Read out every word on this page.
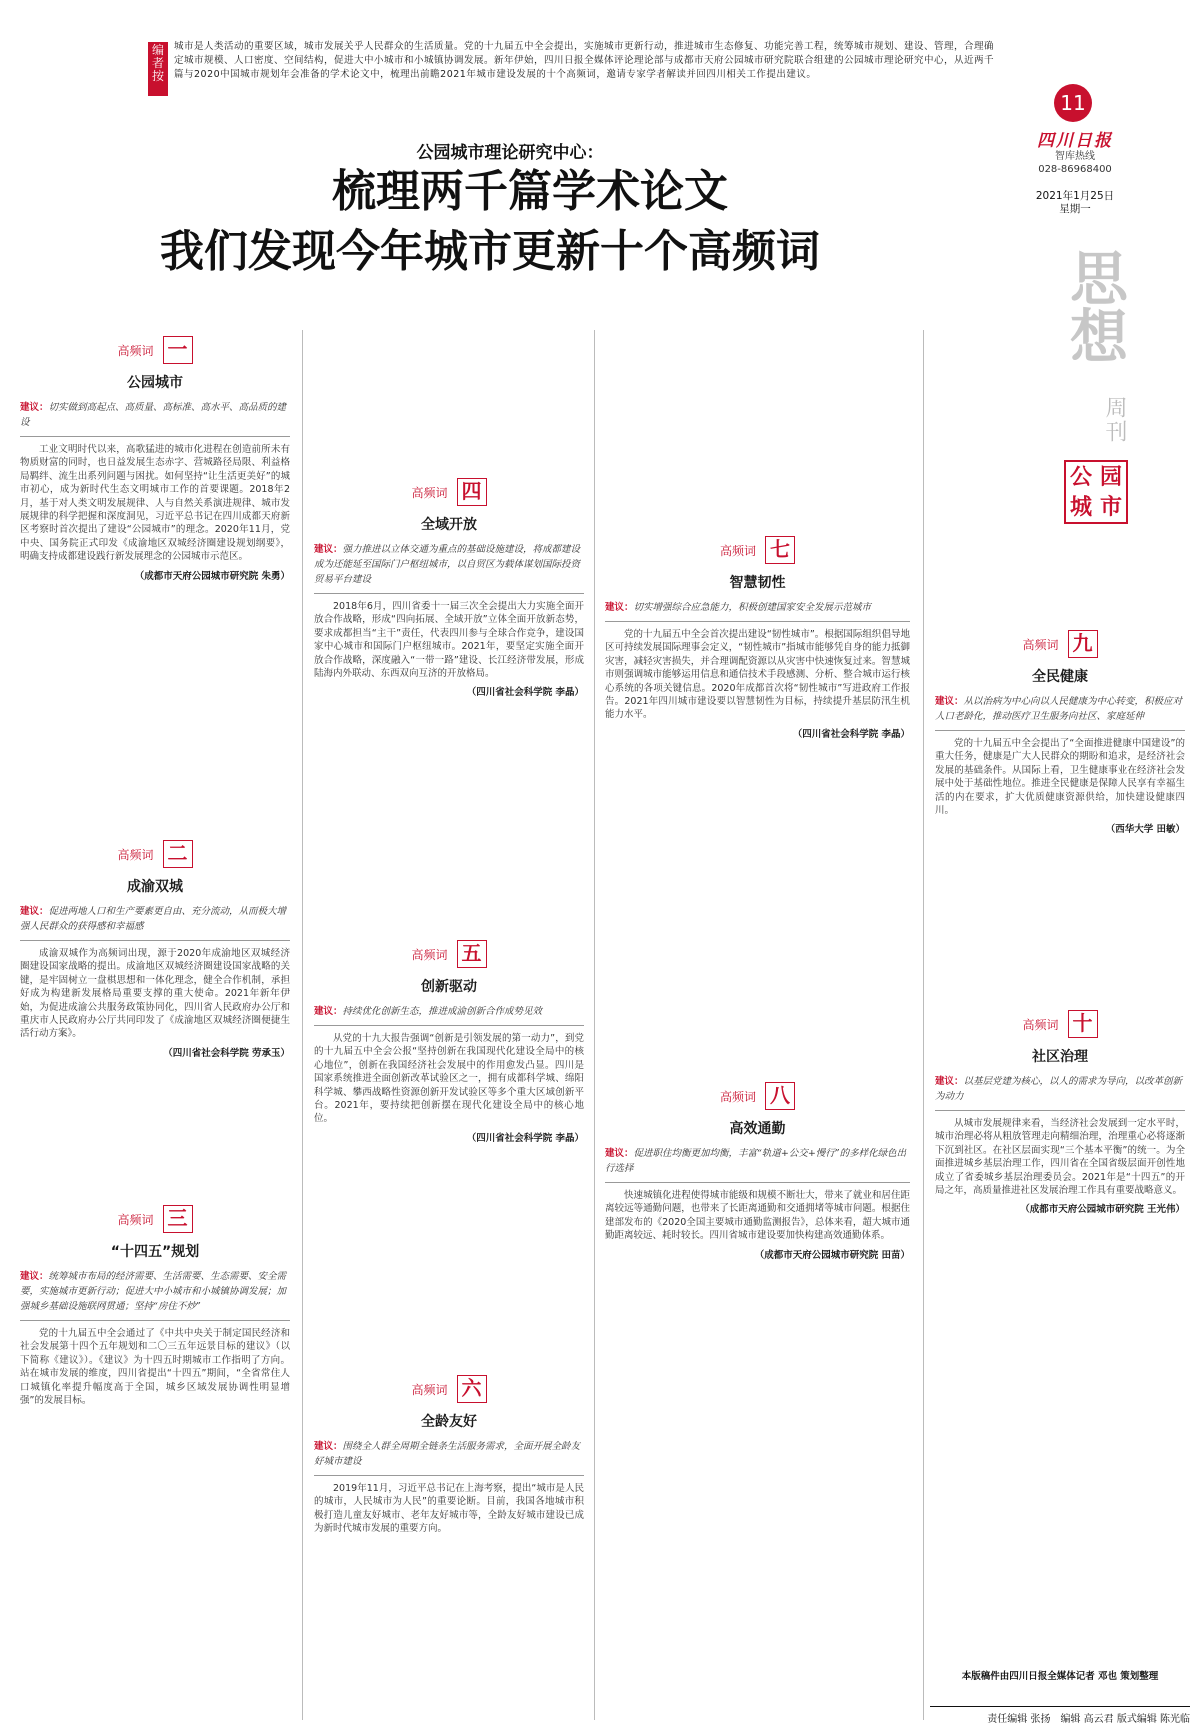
编者按
城市是人类活动的重要区域，城市发展关乎人民群众的生活质量。党的十九届五中全会提出，实施城市更新行动，推进城市生态修复、功能完善工程，统筹城市规划、建设、管理，合理确定城市规模、人口密度、空间结构，促进大中小城市和小城镇协调发展。新年伊始，四川日报全媒体评论理论部与成都市天府公园城市研究院联合组建的公园城市理论研究中心，从近两千篇与2020中国城市规划年会准备的学术论文中，梳理出前瞻2021年城市建设发展的十个高频词，邀请专家学者解读并回四川相关工作提出建议。
11
四川日报
智库热线
028-86968400
2021年1月25日
星期一
思想
周刊
公 园
城 市
公园城市理论研究中心：
梳理两千篇学术论文
我们发现今年城市更新十个高频词
高频词 一
公园城市
建议：切实做到高起点、高质量、高标准、高水平、高品质的建设
工业文明时代以来，高歌猛进的城市化进程在创造前所未有物质财富的同时，也日益发展生态赤字、营城路径局限、利益格局羁绊、流生出系列问题与困扰。如何坚持“让生活更美好”的城市初心，成为新时代生态文明城市工作的首要课题。2018年2月，基于对人类文明发展规律、人与自然关系演进规律、城市发展规律的科学把握和深度洞见，习近平总书记在四川成都天府新区考察时首次提出了建设“公园城市”的理念。2020年11月，党中央、国务院正式印发《成渝地区双城经济圈建设规划纲要》，明确支持成都建设践行新发展理念的公园城市示范区。
（成都市天府公园城市研究院 朱勇）
高频词 二
成渝双城
建议：促进两地人口和生产要素更自由、充分流动，从而极大增强人民群众的获得感和幸福感
成渝双城作为高频词出现，源于2020年成渝地区双城经济圈建设国家战略的提出。成渝地区双城经济圈建设国家战略的关键，是牢固树立一盘棋思想和一体化理念，健全合作机制，承担好成为构建新发展格局重要支撑的重大使命。2021年新年伊始，为促进成渝公共服务政策协同化，四川省人民政府办公厅和重庆市人民政府办公厅共同印发了《成渝地区双城经济圈便捷生活行动方案》。
（四川省社会科学院 劳承玉）
高频词 三
“十四五”规划
建议：统筹城市布局的经济需要、生活需要、生态需要、安全需要，实施城市更新行动；促进大中小城市和小城镇协调发展；加强城乡基础设施联网贯通；坚持“房住不炒”
党的十九届五中全会通过了《中共中央关于制定国民经济和社会发展第十四个五年规划和二〇三五年远景目标的建议》（以下简称《建议》）。《建议》为十四五时期城市工作指明了方向。站在城市发展的维度，四川省提出“十四五”期间，“全省常住人口城镇化率提升幅度高于全国，城乡区域发展协调性明显增强”的发展目标。
高频词 四
全域开放
建议：强力推进以立体交通为重点的基础设施建设，将成都建设成为还能延至国际门户枢纽城市，以自贸区为载体谋划国际投资贸易平台建设
2018年6月，四川省委十一届三次全会提出大力实施全面开放合作战略，形成“四向拓展、全域开放”立体全面开放新态势，要求成都担当“主干”责任，代表四川参与全球合作竞争，建设国家中心城市和国际门户枢纽城市。2021年，要坚定实施全面开放合作战略，深度融入“一带一路”建设、长江经济带发展，形成陆海内外联动、东西双向互济的开放格局。
（四川省社会科学院 李晶）
高频词 五
创新驱动
建议：持续优化创新生态，推进成渝创新合作成势见效
从党的十九大报告强调“创新是引领发展的第一动力”，到党的十九届五中全会公报“坚持创新在我国现代化建设全局中的核心地位”，创新在我国经济社会发展中的作用愈发凸显。四川是国家系统推进全面创新改革试验区之一，拥有成都科学城、绵阳科学城、攀西战略性资源创新开发试验区等多个重大区域创新平台。2021年，要持续把创新摆在现代化建设全局中的核心地位。
（四川省社会科学院 李晶）
高频词 六
全龄友好
建议：围绕全人群全周期全链条生活服务需求，全面开展全龄友好城市建设
2019年11月，习近平总书记在上海考察，提出“城市是人民的城市，人民城市为人民”的重要论断。目前，我国各地城市积极打造儿童友好城市、老年友好城市等，全龄友好城市建设已成为新时代城市发展的重要方向。
高频词 七
智慧韧性
建议：切实增强综合应急能力，积极创建国家安全发展示范城市
党的十九届五中全会首次提出建设“韧性城市”。根据国际组织倡导地区可持续发展国际理事会定义，“韧性城市”指城市能够凭自身的能力抵御灾害，减轻灾害损失，并合理调配资源以从灾害中快速恢复过来。智慧城市则强调城市能够运用信息和通信技术手段感测、分析、整合城市运行核心系统的各项关键信息。2020年成都首次将“韧性城市”写进政府工作报告。2021年四川城市建设要以智慧韧性为目标，持续提升基层防汛生机能力水平。
（四川省社会科学院 李晶）
高频词 八
高效通勤
建议：促进职住均衡更加均衡，丰富“轨道+公交+慢行”的多样化绿色出行选择
快速城镇化进程使得城市能级和规模不断壮大，带来了就业和居住距离较远等通勤问题，也带来了长距离通勤和交通拥堵等城市问题。根据住建部发布的《2020全国主要城市通勤监测报告》，总体来看，超大城市通勤距离较远、耗时较长。四川省城市建设要加快构建高效通勤体系。
（成都市天府公园城市研究院 田苗）
高频词 九
全民健康
建议：从以治病为中心向以人民健康为中心转变，积极应对人口老龄化，推动医疗卫生服务向社区、家庭延伸
党的十九届五中全会提出了“全面推进健康中国建设”的重大任务，健康是广大人民群众的期盼和追求，是经济社会发展的基础条件。从国际上看，卫生健康事业在经济社会发展中处于基础性地位。推进全民健康是保障人民享有幸福生活的内在要求，扩大优质健康资源供给，加快建设健康四川。
（西华大学 田敏）
高频词 十
社区治理
建议：以基层党建为核心，以人的需求为导向，以改革创新为动力
从城市发展规律来看，当经济社会发展到一定水平时，城市治理必将从粗放管理走向精细治理，治理重心必将逐渐下沉到社区。在社区层面实现“三个基本平衡”的统一。为全面推进城乡基层治理工作，四川省在全国省级层面开创性地成立了省委城乡基层治理委员会。2021年是“十四五”的开局之年，高质量推进社区发展治理工作具有重要战略意义。
（成都市天府公园城市研究院 王光伟）
本版稿件由四川日报全媒体记者 邓也 策划整理
责任编辑 张扬　编辑 高云君 版式编辑 陈光临
